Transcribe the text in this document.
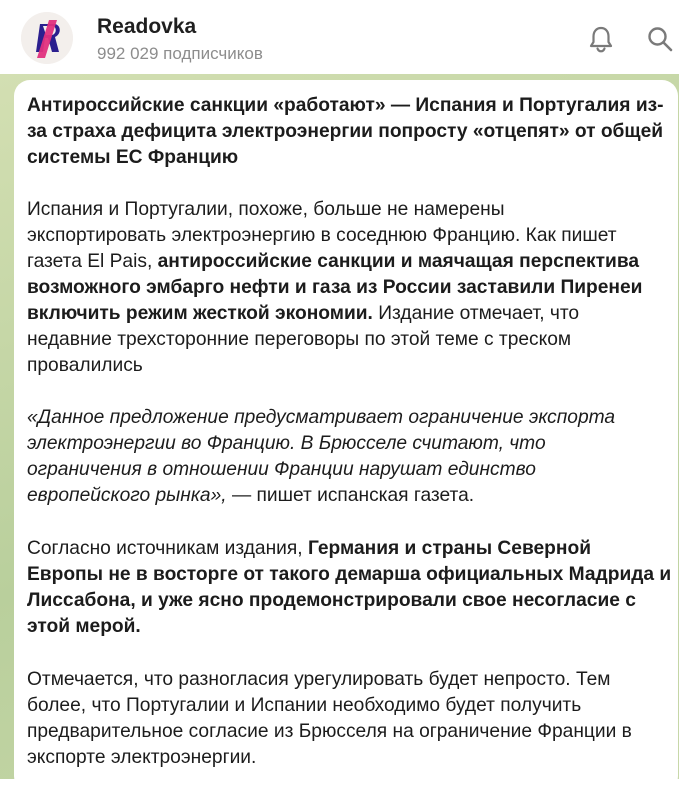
Readovka
992 029 подписчиков
Антироссийские санкции «работают» — Испания и Португалия из-
за страха дефицита электроэнергии попросту «отцепят» от общей
системы ЕС Францию
Испания и Португалии, похоже, больше не намерены
экспортировать электроэнергию в соседнюю Францию. Как пишет
газета El Pais, антироссийские санкции и маячащая перспектива
возможного эмбарго нефти и газа из России заставили Пиренеи
включить режим жесткой экономии. Издание отмечает, что
недавние трехсторонние переговоры по этой теме с треском
провалились
«Данное предложение предусматривает ограничение экспорта
электроэнергии во Францию. В Брюсселе считают, что
ограничения в отношении Франции нарушат единство
европейского рынка», — пишет испанская газета.
Согласно источникам издания, Германия и страны Северной
Европы не в восторге от такого демарша официальных Мадрида и
Лиссабона, и уже ясно продемонстрировали свое несогласие с
этой мерой.
Отмечается, что разногласия урегулировать будет непросто. Тем
более, что Португалии и Испании необходимо будет получить
предварительное согласие из Брюсселя на ограничение Франции в
экспорте электроэнергии.
